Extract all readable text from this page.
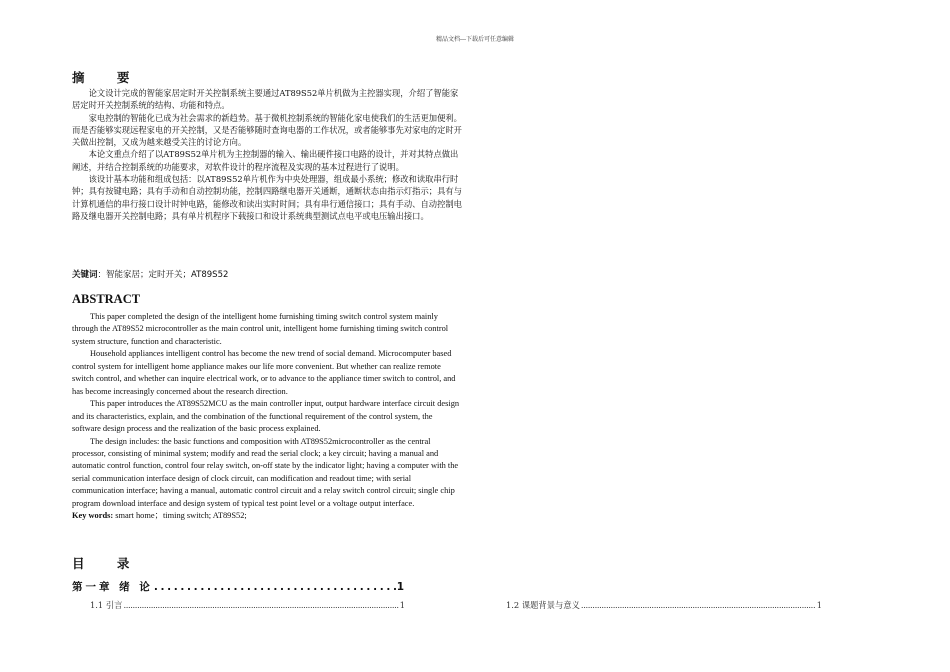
精品文档---下载后可任意编辑
摘 要

论文设计完成的智能家居定时开关控制系统主要通过AT89S52单片机做为主控器实现，介绍了智能家居定时开关控制系统的结构、功能和特点。

家电控制的智能化已成为社会需求的新趋势。基于微机控制系统的智能化家电使我们的生活更加便利。而是否能够实现远程家电的开关控制，又是否能够随时查询电器的工作状况，或者能够事先对家电的定时开关做出控制，又成为越来越受关注的讨论方向。

本论文重点介绍了以AT89S52单片机为主控制器的输入、输出硬件接口电路的设计，并对其特点做出阐述，并结合控制系统的功能要求，对软件设计的程序流程及实现的基本过程进行了说明。

该设计基本功能和组成包括：以AT89S52单片机作为中央处理器，组成最小系统；修改和读取串行时钟；具有按键电路；具有手动和自动控制功能，控制四路继电器开关通断，通断状态由指示灯指示；具有与计算机通信的串行接口设计时钟电路，能修改和读出实时时间；具有串行通信接口；具有手动、自动控制电路及继电器开关控制电路；具有单片机程序下载接口和设计系统典型测试点电平或电压输出接口。

关键词：智能家居；定时开关；AT89S52
ABSTRACT

This paper completed the design of the intelligent home furnishing timing switch control system mainly through the AT89S52 microcontroller as the main control unit, intelligent home furnishing timing switch control system structure, function and characteristic.

Household appliances intelligent control has become the new trend of social demand. Microcomputer based control system for intelligent home appliance makes our life more convenient. But whether can realize remote switch control, and whether can inquire electrical work, or to advance to the appliance timer switch to control, and has become increasingly concerned about the research direction.

This paper introduces the AT89S52MCU as the main controller input, output hardware interface circuit design and its characteristics, explain, and the combination of the functional requirement of the control system, the software design process and the realization of the basic process explained.

The design includes: the basic functions and composition with AT89S52microcontroller as the central processor, consisting of minimal system; modify and read the serial clock; a key circuit; having a manual and automatic control function, control four relay switch, on-off state by the indicator light; having a computer with the serial communication interface design of clock circuit, can modification and readout time; with serial communication interface; having a manual, automatic control circuit and a relay switch control circuit; single chip program download interface and design system of typical test point level or a voltage output interface.

Key words: smart home；timing switch; AT89S52;

目 录
第一章 绪 论 . . .	1
1.1 引言 . . .	1	1.2 课题背景与意义 . . .	1
